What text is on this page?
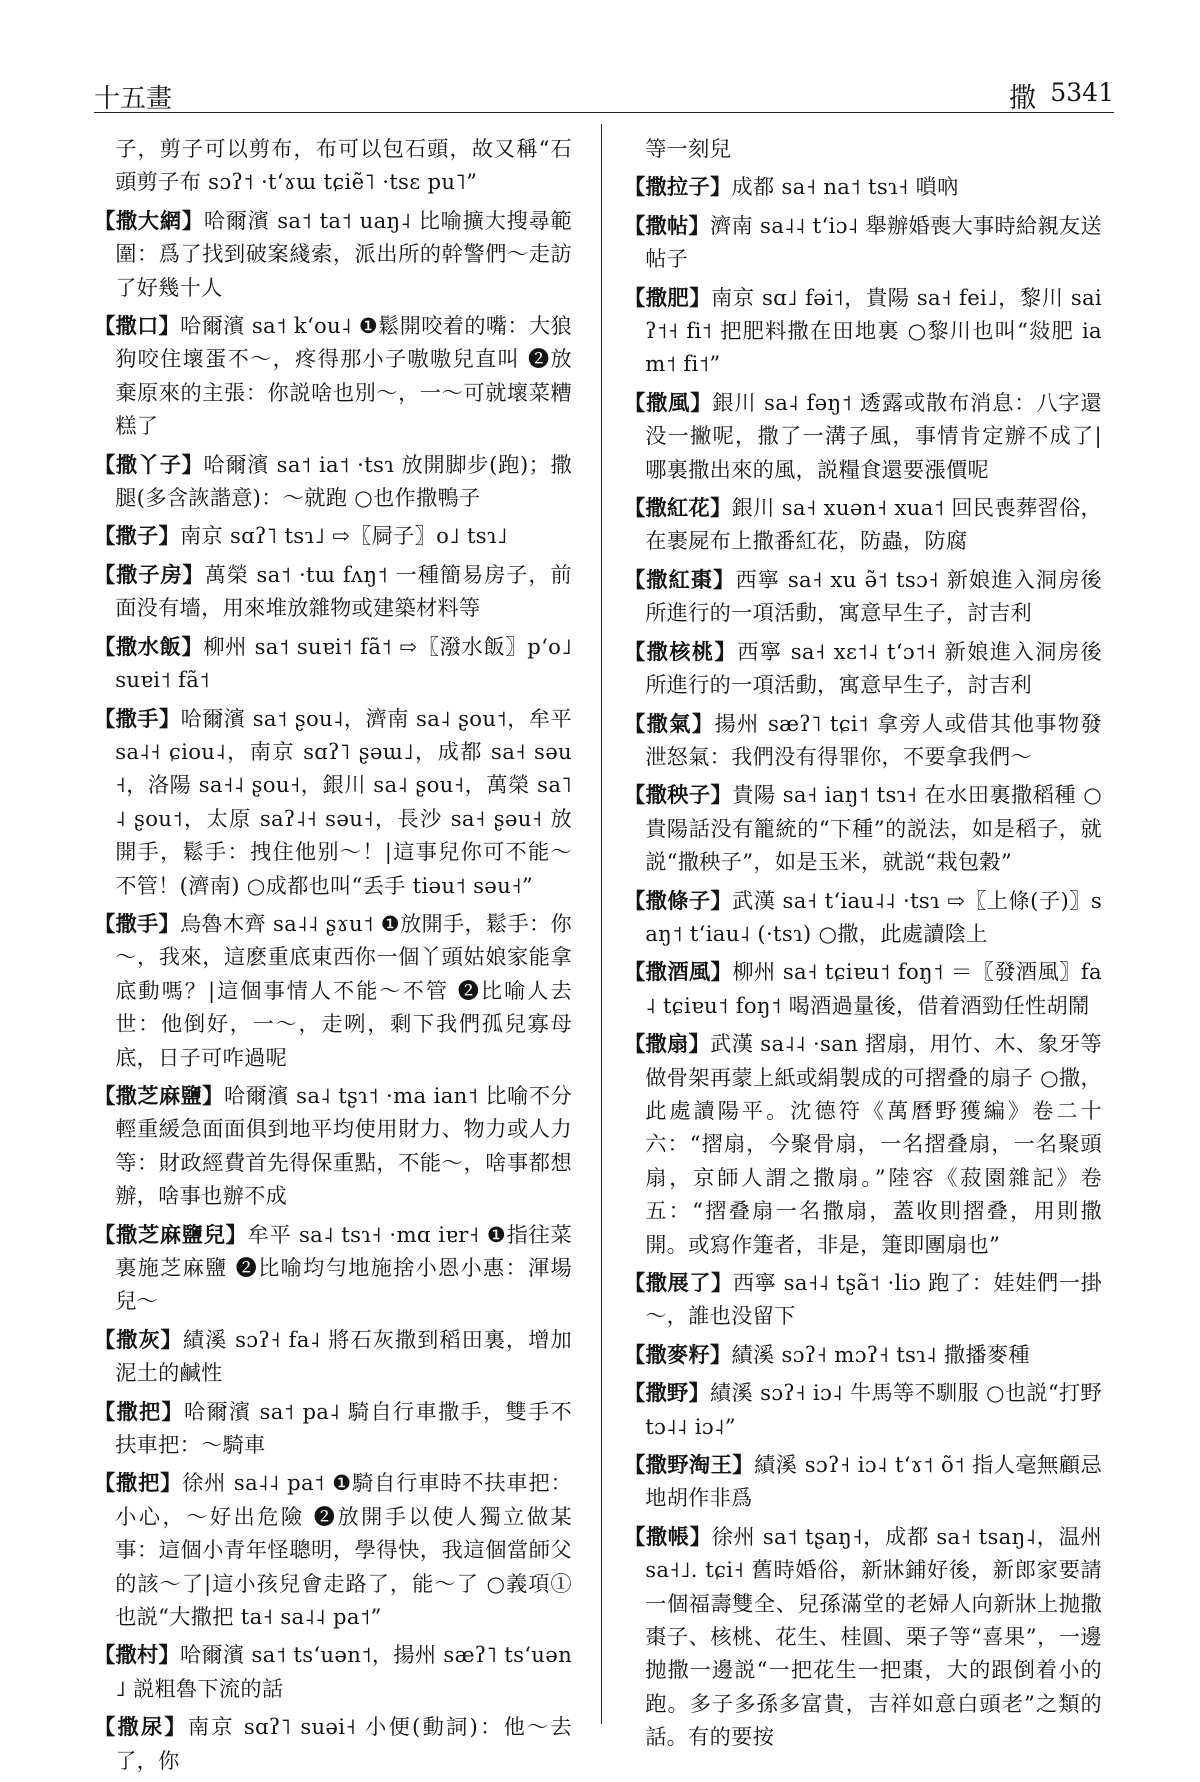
十五畫	撒 5341

子，剪子可以剪布，布可以包石頭，故又稱“石頭剪子布 sɔʔ˦ ·tʻɤɯ tɕiẽ˥ ·tsɛ pu˥”

【撒大網】哈爾濱 sa˦ ta˦ uaŋ˨ 比喻擴大搜尋範圍：爲了找到破案綫索，派出所的幹警們～走訪了好幾十人

【撒口】哈爾濱 sa˦ kʻou˨ ❶鬆開咬着的嘴：大狼狗咬住壞蛋不～，疼得那小子嗷嗷兒直叫 ❷放棄原來的主張：你説啥也別～，一～可就壞菜糟糕了

【撒丫子】哈爾濱 sa˦ ia˦ ·tsɿ 放開脚步(跑)；撒腿(多含詼諧意)：～就跑 ○也作撒鴨子

【撒子】南京 sɑʔ˥ tsɿ˩ ⇨〖屙子〗o˩ tsɿ˩

【撒子房】萬榮 sa˦ ·tɯ fʌŋ˦ 一種簡易房子，前面没有墻，用來堆放雜物或建築材料等

【撒水飯】柳州 sa˦ suɐi˦ fã˦ ⇨〖潑水飯〗pʻo˩ suɐi˦ fã˦

【撒手】哈爾濱 sa˦ ʂou˨，濟南 sa˨ ʂou˦，牟平 sa˨˧ ɕiou˨，南京 sɑʔ˥ ʂəɯ˩，成都 sa˧ səu˧，洛陽 sa˧˨ ʂou˧，銀川 sa˨ ʂou˧，萬榮 sa˥˨ ʂou˦，太原 saʔ˨˧ səu˧，長沙 sa˧ ʂəu˧ 放開手，鬆手：拽住他别～！|這事兒你可不能～不管！(濟南) ○成都也叫“丢手 tiəu˦ səu˧”

【撒手】烏魯木齊 sa˨˨ ʂɤu˦ ❶放開手，鬆手：你～，我來，這麽重底東西你一個丫頭姑娘家能拿底動嗎？|這個事情人不能～不管 ❷比喻人去世：他倒好，一～，走咧，剩下我們孤兒寡母底，日子可咋過呢

【撒芝麻鹽】哈爾濱 sa˨ tʂɿ˦ ·ma ian˦ 比喻不分輕重緩急面面俱到地平均使用財力、物力或人力等：財政經費首先得保重點，不能～，啥事都想辦，啥事也辦不成

【撒芝麻鹽兒】牟平 sa˨ tsɿ˧ ·mɑ iɐr˧ ❶指往菜裏施芝麻鹽 ❷比喻均勻地施捨小恩小惠：渾場兒～

【撒灰】績溪 sɔʔ˧ fa˨ 將石灰撒到稻田裏，增加泥土的鹹性

【撒把】哈爾濱 sa˦ pa˨ 騎自行車撒手，雙手不扶車把：～騎車

【撒把】徐州 sa˨˨ pa˦ ❶騎自行車時不扶車把：小心，～好出危險 ❷放開手以使人獨立做某事：這個小青年怪聰明，學得快，我這個當師父的該～了|這小孩兒會走路了，能～了 ○義項①也説“大撒把 ta˧ sa˨˨ pa˦”

【撒村】哈爾濱 sa˦ tsʻuən˦，揚州 sæʔ˥ tsʻuən˩ 説粗魯下流的話

【撒尿】南京 sɑʔ˥ suəi˧ 小便(動詞)：他～去了，你

等一刻兒

【撒拉子】成都 sa˧ na˦ tsɿ˧ 嗩吶

【撒帖】濟南 sa˨˨ tʻiɔ˨ 舉辦婚喪大事時給親友送帖子

【撒肥】南京 sɑ˩ fəi˦，貴陽 sa˧ fei˩，黎川 saiʔ˦˧ fi˦ 把肥料撒在田地裏 ○黎川也叫“敥肥 iam˦ fi˦”

【撒風】銀川 sa˨ fəŋ˦ 透露或散布消息：八字還没一撇呢，撒了一溝子風，事情肯定辦不成了|哪裏撒出來的風，説糧食還要漲價呢

【撒紅花】銀川 sa˧ xuən˧ xua˦ 回民喪葬習俗，在裹屍布上撒番紅花，防蟲，防腐

【撒紅棗】西寧 sa˧ xu ə̃˦ tsɔ˧ 新娘進入洞房後所進行的一項活動，寓意早生子，討吉利

【撒核桃】西寧 sa˧ xɛ˦˨ tʻɔ˦˧ 新娘進入洞房後所進行的一項活動，寓意早生子，討吉利

【撒氣】揚州 sæʔ˥ tɕi˦ 拿旁人或借其他事物發泄怒氣：我們没有得罪你，不要拿我們～

【撒秧子】貴陽 sa˧ iaŋ˦ tsɿ˧ 在水田裏撒稻種 ○貴陽話没有籠統的“下種”的説法，如是稻子，就説“撒秧子”，如是玉米，就説“栽包穀”

【撒條子】武漢 sa˧ tʻiau˨˨ ·tsɿ ⇨〖上條(子)〗saŋ˦ tʻiau˨ (·tsɿ) ○撒，此處讀陰上

【撒酒風】柳州 sa˧ tɕiɐu˦ foŋ˦ ＝〖發酒風〗fa˨ tɕiɐu˦ foŋ˦ 喝酒過量後，借着酒勁任性胡鬧

【撒扇】武漢 sa˨˨ ·san 摺扇，用竹、木、象牙等做骨架再蒙上紙或絹製成的可摺叠的扇子 ○撒，此處讀陽平。沈德符《萬曆野獲編》卷二十六：“摺扇，今聚骨扇，一名摺叠扇，一名聚頭扇，京師人謂之撒扇。”陸容《菽園雜記》卷五：“摺叠扇一名撒扇，蓋收則摺叠，用則撒開。或寫作箑者，非是，箑即團扇也”

【撒展了】西寧 sa˧˨ tʂã˦ ·liɔ 跑了：娃娃們一掛～，誰也没留下

【撒麥籽】績溪 sɔʔ˧ mɔʔ˧ tsɿ˨ 撒播麥種

【撒野】績溪 sɔʔ˧ iɔ˨ 牛馬等不馴服 ○也説“打野 tɔ˨˨ iɔ˨”

【撒野淘王】績溪 sɔʔ˧ iɔ˨ tʻɤ˦ õ˦ 指人毫無顧忌地胡作非爲

【撒帳】徐州 sa˦ tʂaŋ˧，成都 sa˧ tsaŋ˨，温州 sa˧˩. tɕi˧ 舊時婚俗，新牀鋪好後，新郎家要請一個福壽雙全、兒孫滿堂的老婦人向新牀上抛撒棗子、核桃、花生、桂圓、栗子等“喜果”，一邊抛撒一邊説“一把花生一把棗，大的跟倒着小的跑。多子多孫多富貴，吉祥如意白頭老”之類的話。有的要按
